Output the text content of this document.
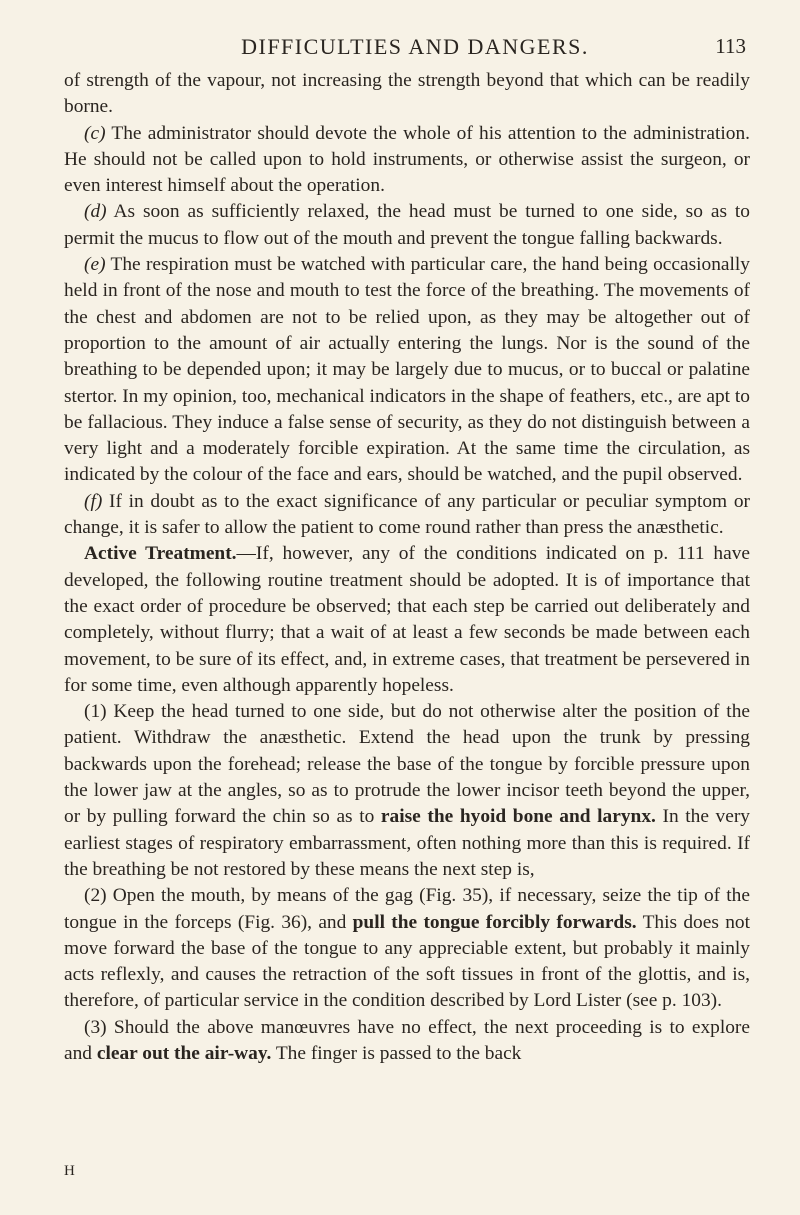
DIFFICULTIES AND DANGERS.	113

of strength of the vapour, not increasing the strength beyond that which can be readily borne.

(c) The administrator should devote the whole of his attention to the administration. He should not be called upon to hold instruments, or otherwise assist the surgeon, or even interest himself about the operation.

(d) As soon as sufficiently relaxed, the head must be turned to one side, so as to permit the mucus to flow out of the mouth and prevent the tongue falling backwards.

(e) The respiration must be watched with particular care, the hand being occasionally held in front of the nose and mouth to test the force of the breathing. The movements of the chest and abdomen are not to be relied upon, as they may be altogether out of proportion to the amount of air actually entering the lungs. Nor is the sound of the breathing to be depended upon; it may be largely due to mucus, or to buccal or palatine stertor. In my opinion, too, mechanical indicators in the shape of feathers, etc., are apt to be fallacious. They induce a false sense of security, as they do not distinguish between a very light and a moderately forcible expiration. At the same time the circulation, as indicated by the colour of the face and ears, should be watched, and the pupil observed.

(f) If in doubt as to the exact significance of any particular or peculiar symptom or change, it is safer to allow the patient to come round rather than press the anæsthetic.

Active Treatment.—If, however, any of the conditions indicated on p. 111 have developed, the following routine treatment should be adopted. It is of importance that the exact order of procedure be observed; that each step be carried out deliberately and completely, without flurry; that a wait of at least a few seconds be made between each movement, to be sure of its effect, and, in extreme cases, that treatment be persevered in for some time, even although apparently hopeless.

(1) Keep the head turned to one side, but do not otherwise alter the position of the patient. Withdraw the anæsthetic. Extend the head upon the trunk by pressing backwards upon the forehead; release the base of the tongue by forcible pressure upon the lower jaw at the angles, so as to protrude the lower incisor teeth beyond the upper, or by pulling forward the chin so as to raise the hyoid bone and larynx. In the very earliest stages of respiratory embarrassment, often nothing more than this is required. If the breathing be not restored by these means the next step is,

(2) Open the mouth, by means of the gag (Fig. 35), if necessary, seize the tip of the tongue in the forceps (Fig. 36), and pull the tongue forcibly forwards. This does not move forward the base of the tongue to any appreciable extent, but probably it mainly acts reflexly, and causes the retraction of the soft tissues in front of the glottis, and is, therefore, of particular service in the condition described by Lord Lister (see p. 103).

(3) Should the above manœuvres have no effect, the next proceeding is to explore and clear out the air-way. The finger is passed to the back

H
